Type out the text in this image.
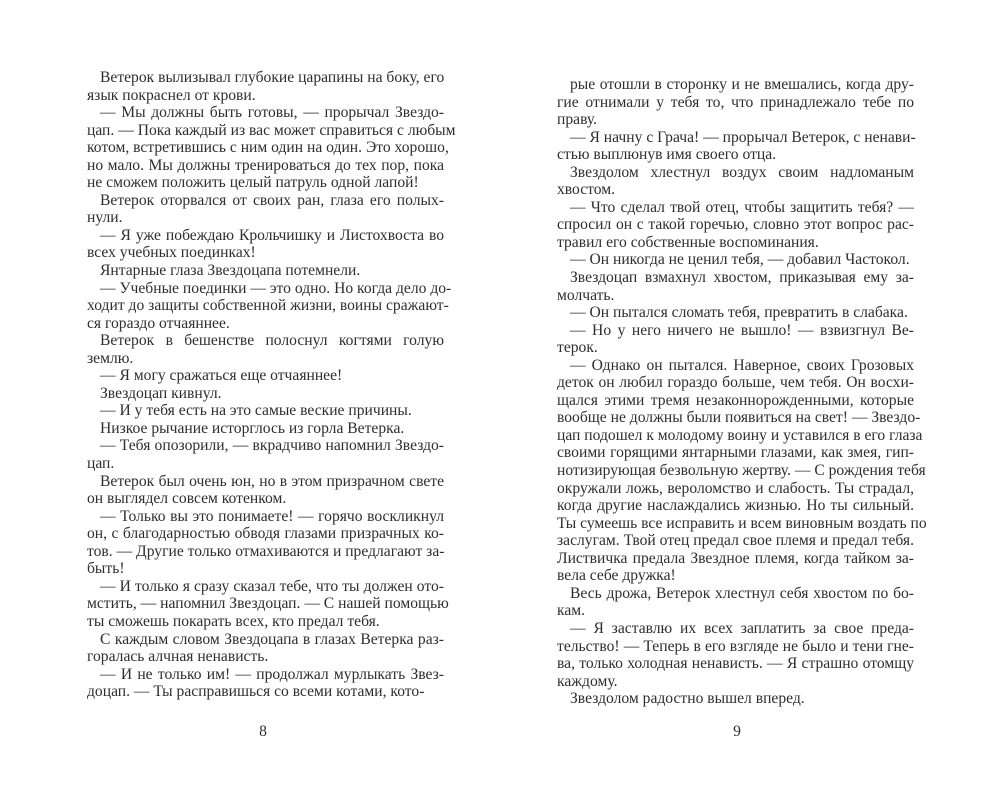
Ветерок вылизывал глубокие царапины на боку, его
язык покраснел от крови.
— Мы должны быть готовы, — прорычал Звездо-
цап. — Пока каждый из вас может справиться с любым
котом, встретившись с ним один на один. Это хорошо,
но мало. Мы должны тренироваться до тех пор, пока
не сможем положить целый патруль одной лапой!
Ветерок оторвался от своих ран, глаза его полых-
нули.
— Я уже побеждаю Крольчишку и Листохвоста во
всех учебных поединках!
Янтарные глаза Звездоцапа потемнели.
— Учебные поединки — это одно. Но когда дело до-
ходит до защиты собственной жизни, воины сражают-
ся гораздо отчаяннее.
Ветерок в бешенстве полоснул когтями голую
землю.
— Я могу сражаться еще отчаяннее!
Звездоцап кивнул.
— И у тебя есть на это самые веские причины.
Низкое рычание исторглось из горла Ветерка.
— Тебя опозорили, — вкрадчиво напомнил Звездо-
цап.
Ветерок был очень юн, но в этом призрачном свете
он выглядел совсем котенком.
— Только вы это понимаете! — горячо воскликнул
он, с благодарностью обводя глазами призрачных ко-
тов. — Другие только отмахиваются и предлагают за-
быть!
— И только я сразу сказал тебе, что ты должен ото-
мстить, — напомнил Звездоцап. — С нашей помощью
ты сможешь покарать всех, кто предал тебя.
С каждым словом Звездоцапа в глазах Ветерка раз-
горалась алчная ненависть.
— И не только им! — продолжал мурлыкать Звез-
доцап. — Ты расправишься со всеми котами, кото-
8
рые отошли в сторонку и не вмешались, когда дру-
гие отнимали у тебя то, что принадлежало тебе по
праву.
— Я начну с Грача! — прорычал Ветерок, с ненави-
стью выплюнув имя своего отца.
Звездолом хлестнул воздух своим надломаным
хвостом.
— Что сделал твой отец, чтобы защитить тебя? —
спросил он с такой горечью, словно этот вопрос рас-
травил его собственные воспоминания.
— Он никогда не ценил тебя, — добавил Частокол.
Звездоцап взмахнул хвостом, приказывая ему за-
молчать.
— Он пытался сломать тебя, превратить в слабака.
— Но у него ничего не вышло! — взвизгнул Ве-
терок.
— Однако он пытался. Наверное, своих Грозовых
деток он любил гораздо больше, чем тебя. Он восхи-
щался этими тремя незаконнорожденными, которые
вообще не должны были появиться на свет! — Звездо-
цап подошел к молодому воину и уставился в его глаза
своими горящими янтарными глазами, как змея, гип-
нотизирующая безвольную жертву. — С рождения тебя
окружали ложь, вероломство и слабость. Ты страдал,
когда другие наслаждались жизнью. Но ты сильный.
Ты сумеешь все исправить и всем виновным воздать по
заслугам. Твой отец предал свое племя и предал тебя.
Листвичка предала Звездное племя, когда тайком за-
вела себе дружка!
Весь дрожа, Ветерок хлестнул себя хвостом по бо-
кам.
— Я заставлю их всех заплатить за свое преда-
тельство! — Теперь в его взгляде не было и тени гне-
ва, только холодная ненависть. — Я страшно отомщу
каждому.
Звездолом радостно вышел вперед.
9
